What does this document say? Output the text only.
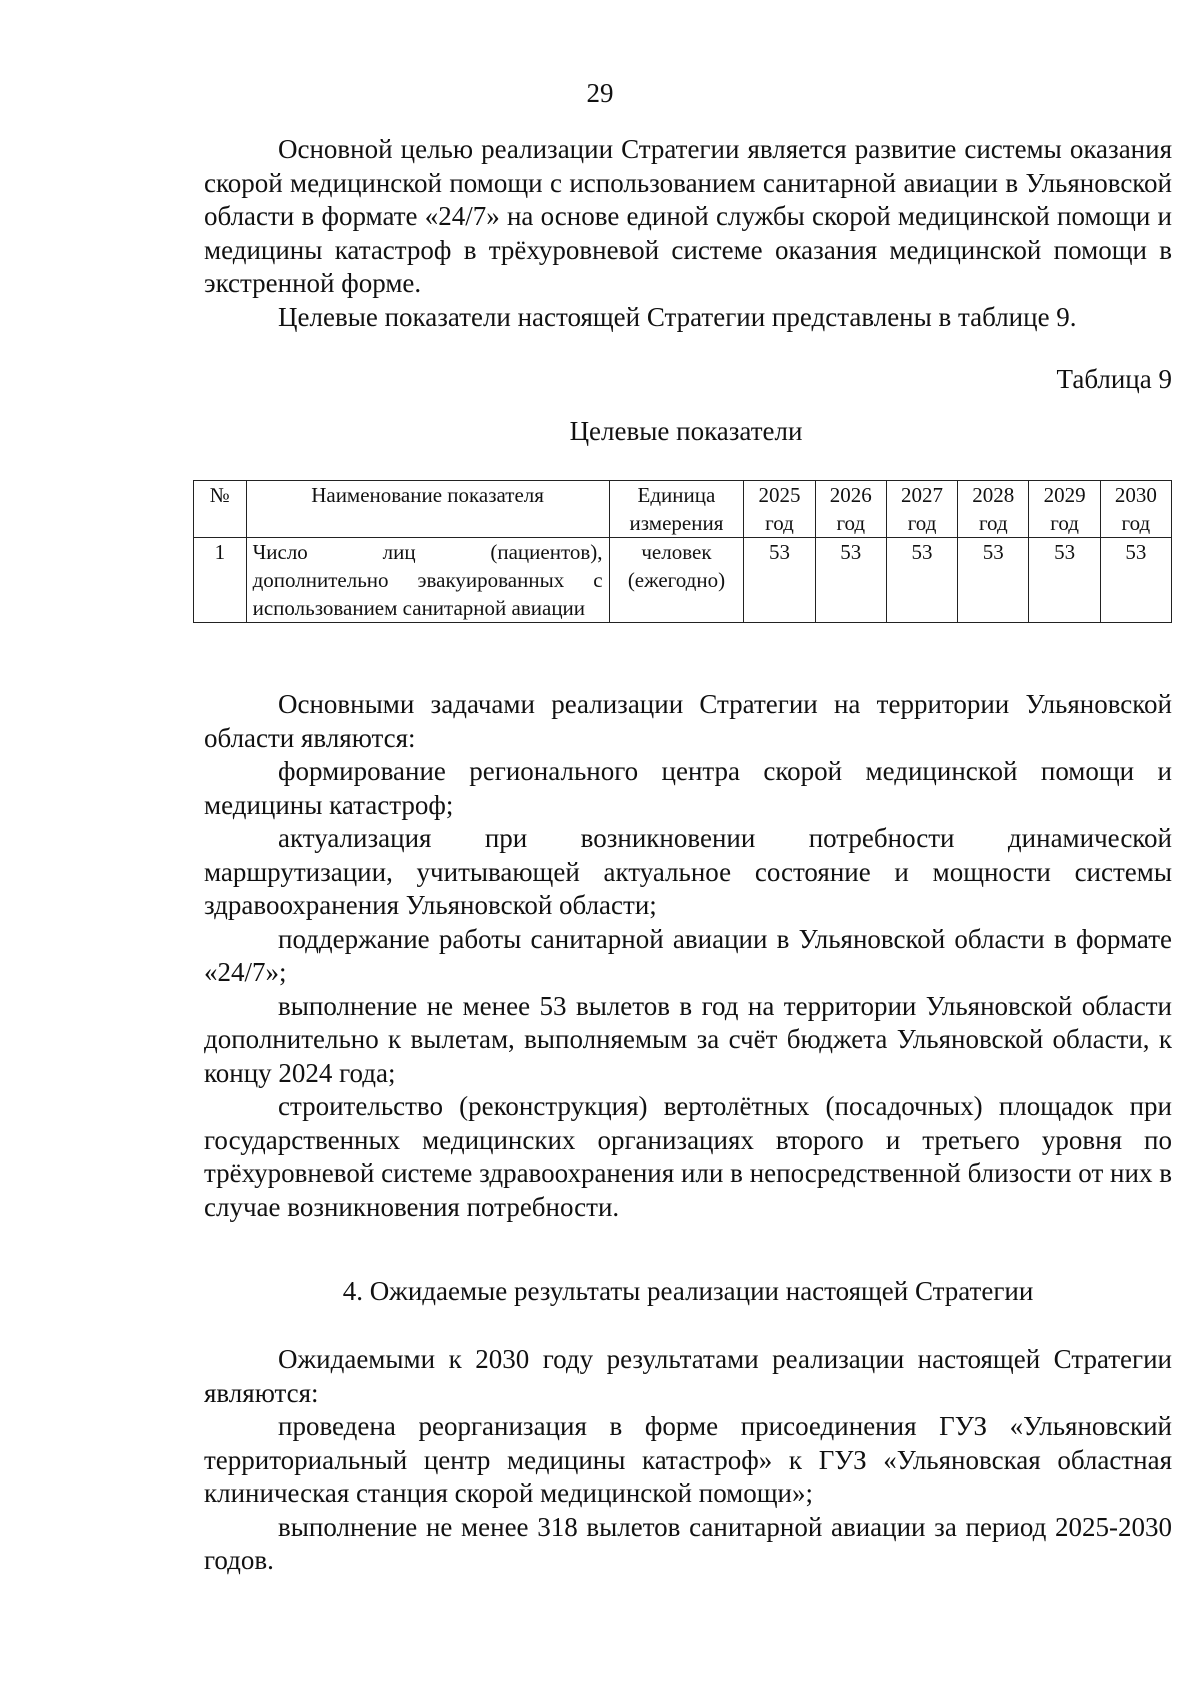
29

Основной целью реализации Стратегии является развитие системы оказания скорой медицинской помощи с использованием санитарной авиации в Ульяновской области в формате «24/7» на основе единой службы скорой медицинской помощи и медицины катастроф в трёхуровневой системе оказания медицинской помощи в экстренной форме.

Целевые показатели настоящей Стратегии представлены в таблице 9.

Таблица 9
Целевые показатели
№	Наименование показателя	Единица измерения	2025 год	2026 год	2027 год	2028 год	2029 год	2030 год
1	Число лиц (пациентов), дополнительно эвакуированных с использованием санитарной авиации	человек (ежегодно)	53	53	53	53	53	53

Основными задачами реализации Стратегии на территории Ульяновской области являются:

формирование регионального центра скорой медицинской помощи и медицины катастроф;

актуализация при возникновении потребности динамической маршрутизации, учитывающей актуальное состояние и мощности системы здравоохранения Ульяновской области;

поддержание работы санитарной авиации в Ульяновской области в формате «24/7»;

выполнение не менее 53 вылетов в год на территории Ульяновской области дополнительно к вылетам, выполняемым за счёт бюджета Ульяновской области, к концу 2024 года;

строительство (реконструкция) вертолётных (посадочных) площадок при государственных медицинских организациях второго и третьего уровня по трёхуровневой системе здравоохранения или в непосредственной близости от них в случае возникновения потребности.

4. Ожидаемые результаты реализации настоящей Стратегии

Ожидаемыми к 2030 году результатами реализации настоящей Стратегии являются:

проведена реорганизация в форме присоединения ГУЗ «Ульяновский территориальный центр медицины катастроф» к ГУЗ «Ульяновская областная клиническая станция скорой медицинской помощи»;

выполнение не менее 318 вылетов санитарной авиации за период 2025-2030 годов.
